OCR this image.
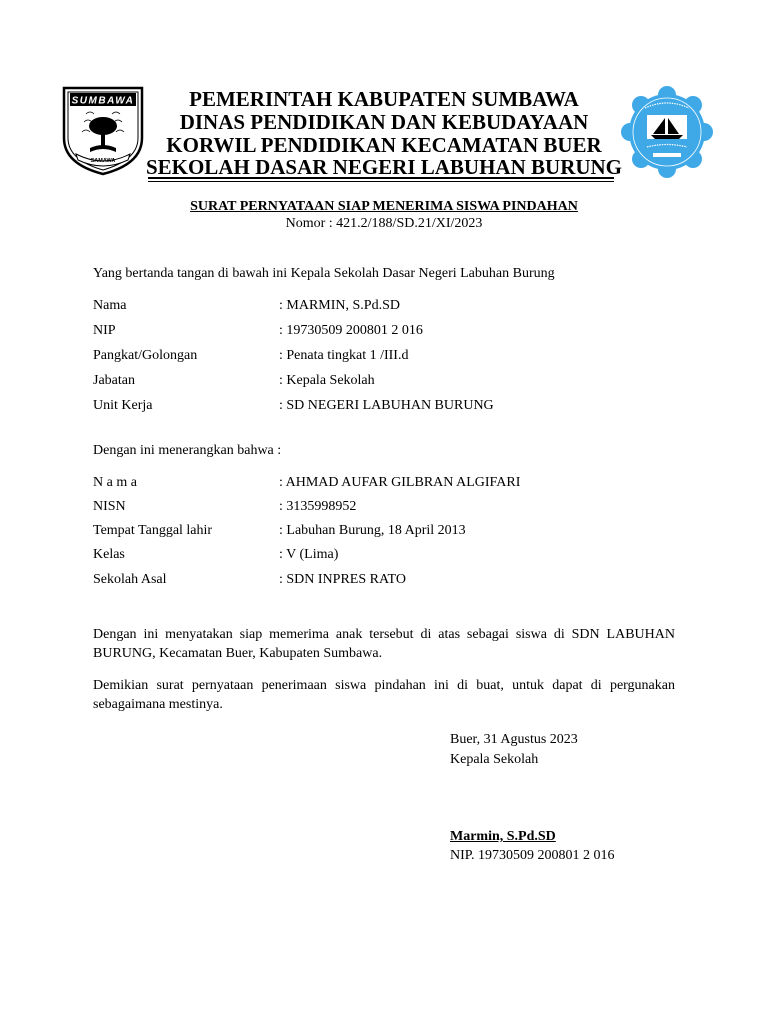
SUMBAWA
SAMAWA
PEMERINTAH KABUPATEN SUMBAWA
DINAS PENDIDIKAN DAN KEBUDAYAAN
KORWIL PENDIDIKAN KECAMATAN BUER
SEKOLAH DASAR NEGERI LABUHAN BURUNG
SURAT PERNYATAAN SIAP MENERIMA SISWA PINDAHAN
Nomor : 421.2/188/SD.21/XI/2023
Yang bertanda tangan di bawah ini Kepala Sekolah Dasar Negeri Labuhan Burung
Nama	: MARMIN, S.Pd.SD
NIP	: 19730509 200801 2 016
Pangkat/Golongan	: Penata tingkat 1 /III.d
Jabatan	: Kepala Sekolah
Unit Kerja	: SD NEGERI LABUHAN BURUNG
Dengan ini menerangkan bahwa :
N a m a	: AHMAD AUFAR GILBRAN ALGIFARI
NISN	: 3135998952
Tempat Tanggal lahir	: Labuhan Burung, 18 April 2013
Kelas	: V (Lima)
Sekolah Asal	: SDN INPRES RATO
Dengan ini menyatakan siap memerima anak tersebut di atas sebagai siswa di SDN LABUHAN BURUNG, Kecamatan Buer, Kabupaten Sumbawa.
Demikian surat pernyataan penerimaan siswa pindahan ini di buat, untuk dapat di pergunakan sebagaimana mestinya.
Buer, 31 Agustus 2023
Kepala Sekolah
Marmin, S.Pd.SD
NIP. 19730509 200801 2 016
